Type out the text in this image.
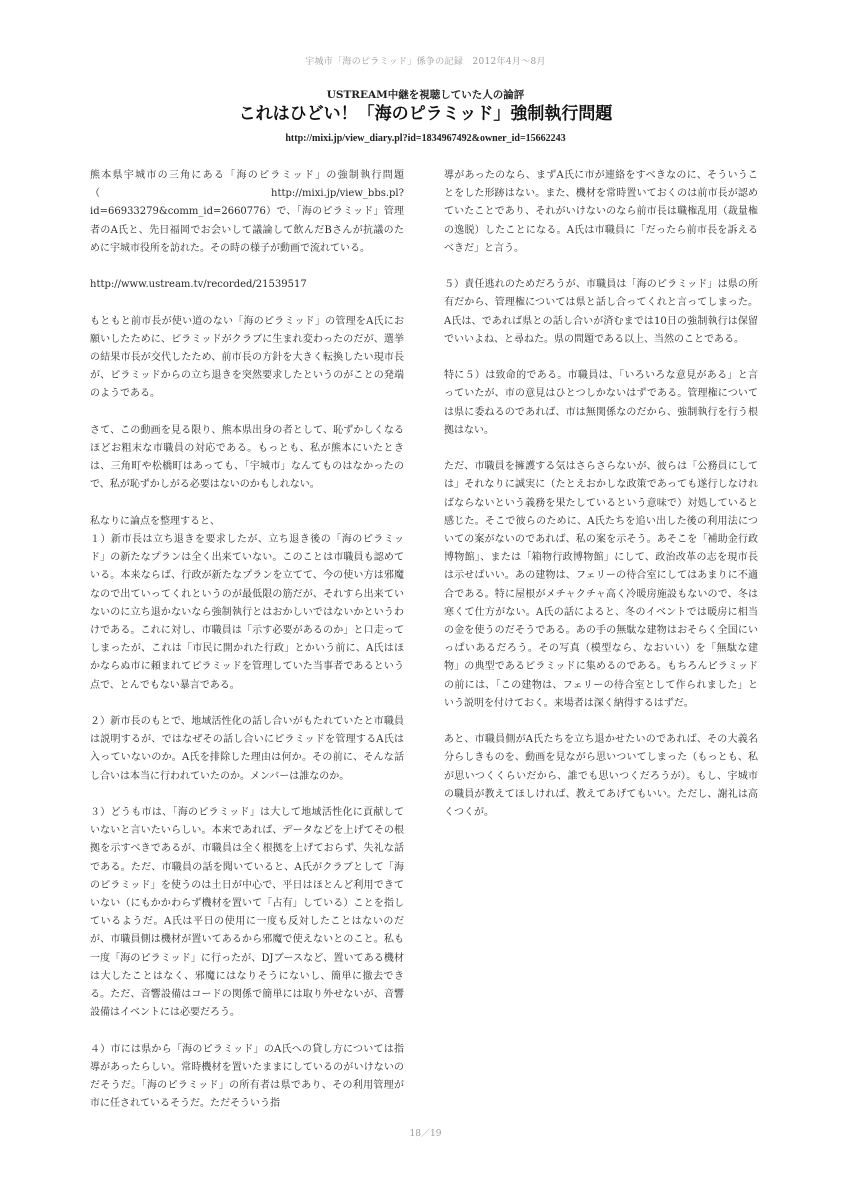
宇城市「海のピラミッド」係争の記録　2012年4月〜8月
USTREAM中継を視聴していた人の論評
これはひどい！「海のピラミッド」強制執行問題
http://mixi.jp/view_diary.pl?id=1834967492&owner_id=15662243

熊本県宇城市の三角にある「海のピラミッド」の強制執行問題（http://mixi.jp/view_bbs.pl?id=66933279&comm_id=2660776）で、「海のピラミッド」管理者のA氏と、先日福岡でお会いして議論して飲んだBさんが抗議のために宇城市役所を訪れた。その時の様子が動画で流れている。

http://www.ustream.tv/recorded/21539517

もともと前市長が使い道のない「海のピラミッド」の管理をA氏にお願いしたために、ピラミッドがクラブに生まれ変わったのだが、選挙の結果市長が交代したため、前市長の方針を大きく転換したい現市長が、ピラミッドからの立ち退きを突然要求したというのがことの発端のようである。

さて、この動画を見る限り、熊本県出身の者として、恥ずかしくなるほどお粗末な市職員の対応である。もっとも、私が熊本にいたときは、三角町や松橋町はあっても、「宇城市」なんてものはなかったので、私が恥ずかしがる必要はないのかもしれない。

私なりに論点を整理すると、
１）新市長は立ち退きを要求したが、立ち退き後の「海のピラミッド」の新たなプランは全く出来ていない。このことは市職員も認めている。本来ならば、行政が新たなプランを立てて、今の使い方は邪魔なので出ていってくれというのが最低限の筋だが、それすら出来ていないのに立ち退かないなら強制執行とはおかしいではないかというわけである。これに対し、市職員は「示す必要があるのか」と口走ってしまったが、これは「市民に開かれた行政」とかいう前に、A氏はほかならぬ市に頼まれてピラミッドを管理していた当事者であるという点で、とんでもない暴言である。

２）新市長のもとで、地域活性化の話し合いがもたれていたと市職員は説明するが、ではなぜその話し合いにピラミッドを管理するA氏は入っていないのか。A氏を排除した理由は何か。その前に、そんな話し合いは本当に行われていたのか。メンバーは誰なのか。

３）どうも市は、「海のピラミッド」は大して地域活性化に貢献していないと言いたいらしい。本来であれば、データなどを上げてその根拠を示すべきであるが、市職員は全く根拠を上げておらず、失礼な話である。ただ、市職員の話を聞いていると、A氏がクラブとして「海のピラミッド」を使うのは土日が中心で、平日はほとんど利用できていない（にもかかわらず機材を置いて「占有」している）ことを指しているようだ。A氏は平日の使用に一度も反対したことはないのだが、市職員側は機材が置いてあるから邪魔で使えないとのこと。私も一度「海のピラミッド」に行ったが、DJブースなど、置いてある機材は大したことはなく、邪魔にはなりそうにないし、簡単に撤去できる。ただ、音響設備はコードの関係で簡単には取り外せないが、音響設備はイベントには必要だろう。

４）市には県から「海のピラミッド」のA氏への貸し方については指導があったらしい。常時機材を置いたままにしているのがいけないのだそうだ。「海のピラミッド」の所有者は県であり、その利用管理が市に任されているそうだ。ただそういう指

導があったのなら、まずA氏に市が連絡をすべきなのに、そういうことをした形跡はない。また、機材を常時置いておくのは前市長が認めていたことであり、それがいけないのなら前市長は職権乱用（裁量権の逸脱）したことになる。A氏は市職員に「だったら前市長を訴えるべきだ」と言う。

５）責任逃れのためだろうが、市職員は「海のピラミッド」は県の所有だから、管理権については県と話し合ってくれと言ってしまった。A氏は、であれば県との話し合いが済むまでは10日の強制執行は保留でいいよね、と尋ねた。県の問題である以上、当然のことである。

特に５）は致命的である。市職員は、「いろいろな意見がある」と言っていたが、市の意見はひとつしかないはずである。管理権については県に委ねるのであれば、市は無関係なのだから、強制執行を行う根拠はない。

ただ、市職員を擁護する気はさらさらないが、彼らは「公務員にしては」それなりに誠実に（たとえおかしな政策であっても遂行しなければならないという義務を果たしているという意味で）対処していると感じた。そこで彼らのために、A氏たちを追い出した後の利用法についての案がないのであれば、私の案を示そう。あそこを「補助金行政博物館」、または「箱物行政博物館」にして、政治改革の志を現市長は示せばいい。あの建物は、フェリーの待合室にしてはあまりに不適合である。特に屋根がメチャクチャ高く冷暖房施設もないので、冬は寒くて仕方がない。A氏の話によると、冬のイベントでは暖房に相当の金を使うのだそうである。あの手の無駄な建物はおそらく全国にいっぱいあるだろう。その写真（模型なら、なおいい）を「無駄な建物」の典型であるピラミッドに集めるのである。もちろんピラミッドの前には、「この建物は、フェリーの待合室として作られました」という説明を付けておく。来場者は深く納得するはずだ。

あと、市職員側がA氏たちを立ち退かせたいのであれば、その大義名分らしきものを、動画を見ながら思いついてしまった（もっとも、私が思いつくくらいだから、誰でも思いつくだろうが）。もし、宇城市の職員が教えてほしければ、教えてあげてもいい。ただし、謝礼は高くつくが。

18／19
